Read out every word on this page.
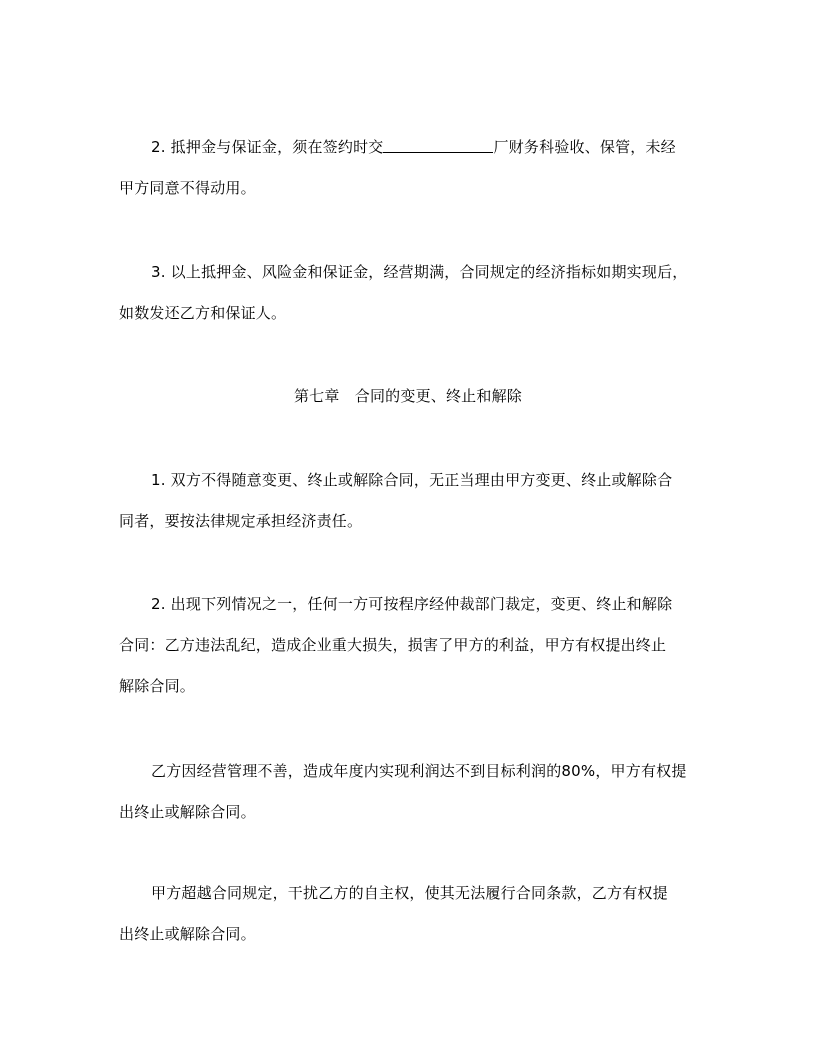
2. 抵押金与保证金，须在签约时交	厂财务科验收、保管，未经
甲方同意不得动用。
3. 以上抵押金、风险金和保证金，经营期满，合同规定的经济指标如期实现后，
如数发还乙方和保证人。
第七章　合同的变更、终止和解除
1. 双方不得随意变更、终止或解除合同，无正当理由甲方变更、终止或解除合
同者，要按法律规定承担经济责任。
2. 出现下列情况之一，任何一方可按程序经仲裁部门裁定，变更、终止和解除
合同：乙方违法乱纪，造成企业重大损失，损害了甲方的利益，甲方有权提出终止
解除合同。
乙方因经营管理不善，造成年度内实现利润达不到目标利润的80%，甲方有权提
出终止或解除合同。
甲方超越合同规定，干扰乙方的自主权，使其无法履行合同条款，乙方有权提
出终止或解除合同。
